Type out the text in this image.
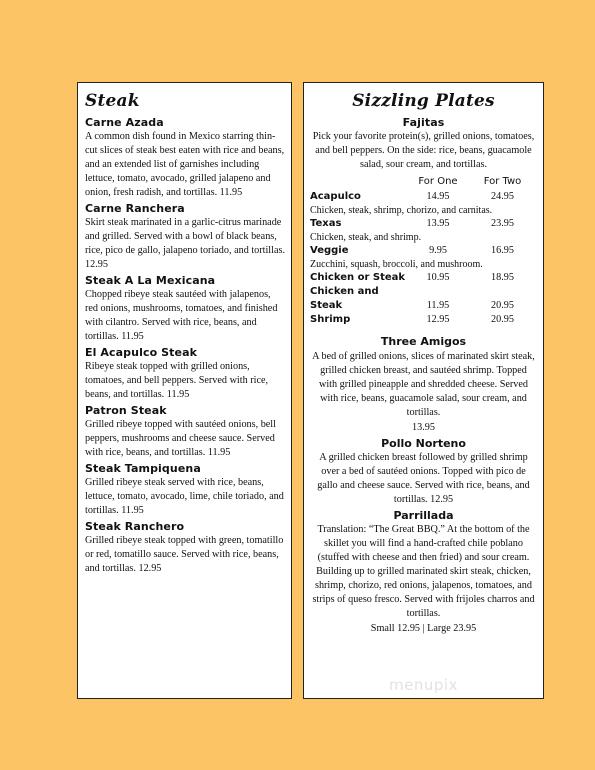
Steak
Carne Azada
A common dish found in Mexico starring thin-cut slices of steak best eaten with rice and beans, and an extended list of garnishes including lettuce, tomato, avocado, grilled jalapeno and onion, fresh radish, and tortillas. 11.95
Carne Ranchera
Skirt steak marinated in a garlic-citrus marinade and grilled. Served with a bowl of black beans, rice, pico de gallo, jalapeno toriado, and tortillas. 12.95
Steak A La Mexicana
Chopped ribeye steak sautéed with jalapenos, red onions, mushrooms, tomatoes, and finished with cilantro. Served with rice, beans, and tortillas. 11.95
El Acapulco Steak
Ribeye steak topped with grilled onions, tomatoes, and bell peppers. Served with rice, beans, and tortillas. 11.95
Patron Steak
Grilled ribeye topped with sautéed onions, bell peppers, mushrooms and cheese sauce. Served with rice, beans, and tortillas. 11.95
Steak Tampiquena
Grilled ribeye steak served with rice, beans, lettuce, tomato, avocado, lime, chile toriado, and tortillas. 11.95
Steak Ranchero
Grilled ribeye steak topped with green, tomatillo or red, tomatillo sauce. Served with rice, beans, and tortillas. 12.95
Sizzling Plates
Fajitas
Pick your favorite protein(s), grilled onions, tomatoes, and bell peppers. On the side: rice, beans, guacamole salad, sour cream, and tortillas.
	For One	For Two
Acapulco	14.95	24.95
Chicken, steak, shrimp, chorizo, and carnitas.		
Texas	13.95	23.95
Chicken, steak, and shrimp.		
Veggie	9.95	16.95
Zucchini, squash, broccoli, and mushroom.		
Chicken or Steak	10.95	18.95
Chicken and Steak	11.95	20.95
Shrimp	12.95	20.95
Three Amigos
A bed of grilled onions, slices of marinated skirt steak, grilled chicken breast, and sautéed shrimp. Topped with grilled pineapple and shredded cheese. Served with rice, beans, guacamole salad, sour cream, and tortillas.
13.95
Pollo Norteno
A grilled chicken breast followed by grilled shrimp over a bed of sautéed onions. Topped with pico de gallo and cheese sauce. Served with rice, beans, and tortillas. 12.95
Parrillada
Translation: “The Great BBQ.” At the bottom of the skillet you will find a hand-crafted chile poblano (stuffed with cheese and then fried) and sour cream. Building up to grilled marinated skirt steak, chicken, shrimp, chorizo, red onions, jalapenos, tomatoes, and strips of queso fresco. Served with frijoles charros and tortillas.
Small 12.95 | Large 23.95
menupix
